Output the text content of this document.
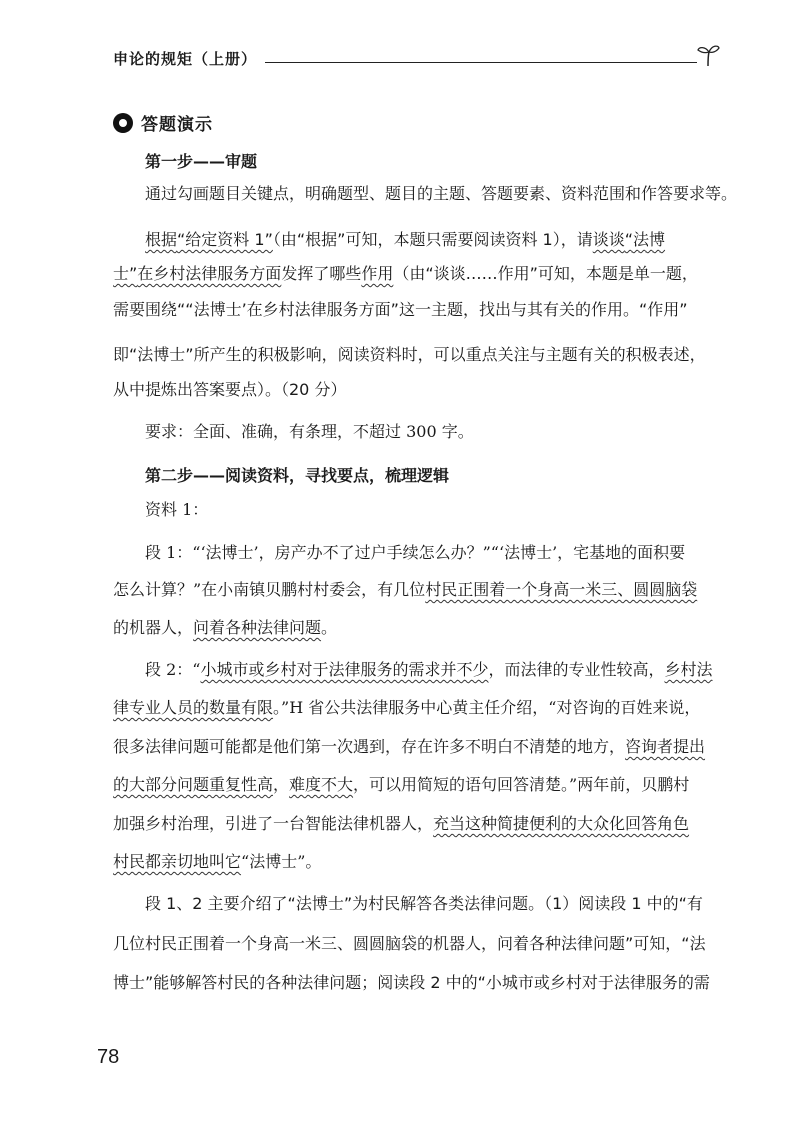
申论的规矩（上册）
答题演示
第一步——审题
通过勾画题目关键点，明确题型、题目的主题、答题要素、资料范围和作答要求等。
根据“给定资料 1”（由“根据”可知，本题只需要阅读资料 1），请谈谈“法博
士”在乡村法律服务方面发挥了哪些作用（由“谈谈……作用”可知，本题是单一题，
需要围绕““法博士’在乡村法律服务方面”这一主题，找出与其有关的作用。“作用”
即“法博士”所产生的积极影响，阅读资料时，可以重点关注与主题有关的积极表述，
从中提炼出答案要点）。（20 分）
要求：全面、准确，有条理，不超过 300 字。
第二步——阅读资料，寻找要点，梳理逻辑
资料 1：
段 1：“‘法博士’，房产办不了过户手续怎么办？”“‘法博士’，宅基地的面积要
怎么计算？”在小南镇贝鹏村村委会，有几位村民正围着一个身高一米三、圆圆脑袋
的机器人，问着各种法律问题。
段 2：“小城市或乡村对于法律服务的需求并不少，而法律的专业性较高，乡村法
律专业人员的数量有限。”H 省公共法律服务中心黄主任介绍，“对咨询的百姓来说，
很多法律问题可能都是他们第一次遇到，存在许多不明白不清楚的地方，咨询者提出
的大部分问题重复性高，难度不大，可以用简短的语句回答清楚。”两年前，贝鹏村
加强乡村治理，引进了一台智能法律机器人，充当这种简捷便利的大众化回答角色
村民都亲切地叫它“法博士”。
段 1、2 主要介绍了“法博士”为村民解答各类法律问题。（1）阅读段 1 中的“有
几位村民正围着一个身高一米三、圆圆脑袋的机器人，问着各种法律问题”可知，“法
博士”能够解答村民的各种法律问题；阅读段 2 中的“小城市或乡村对于法律服务的需
78
